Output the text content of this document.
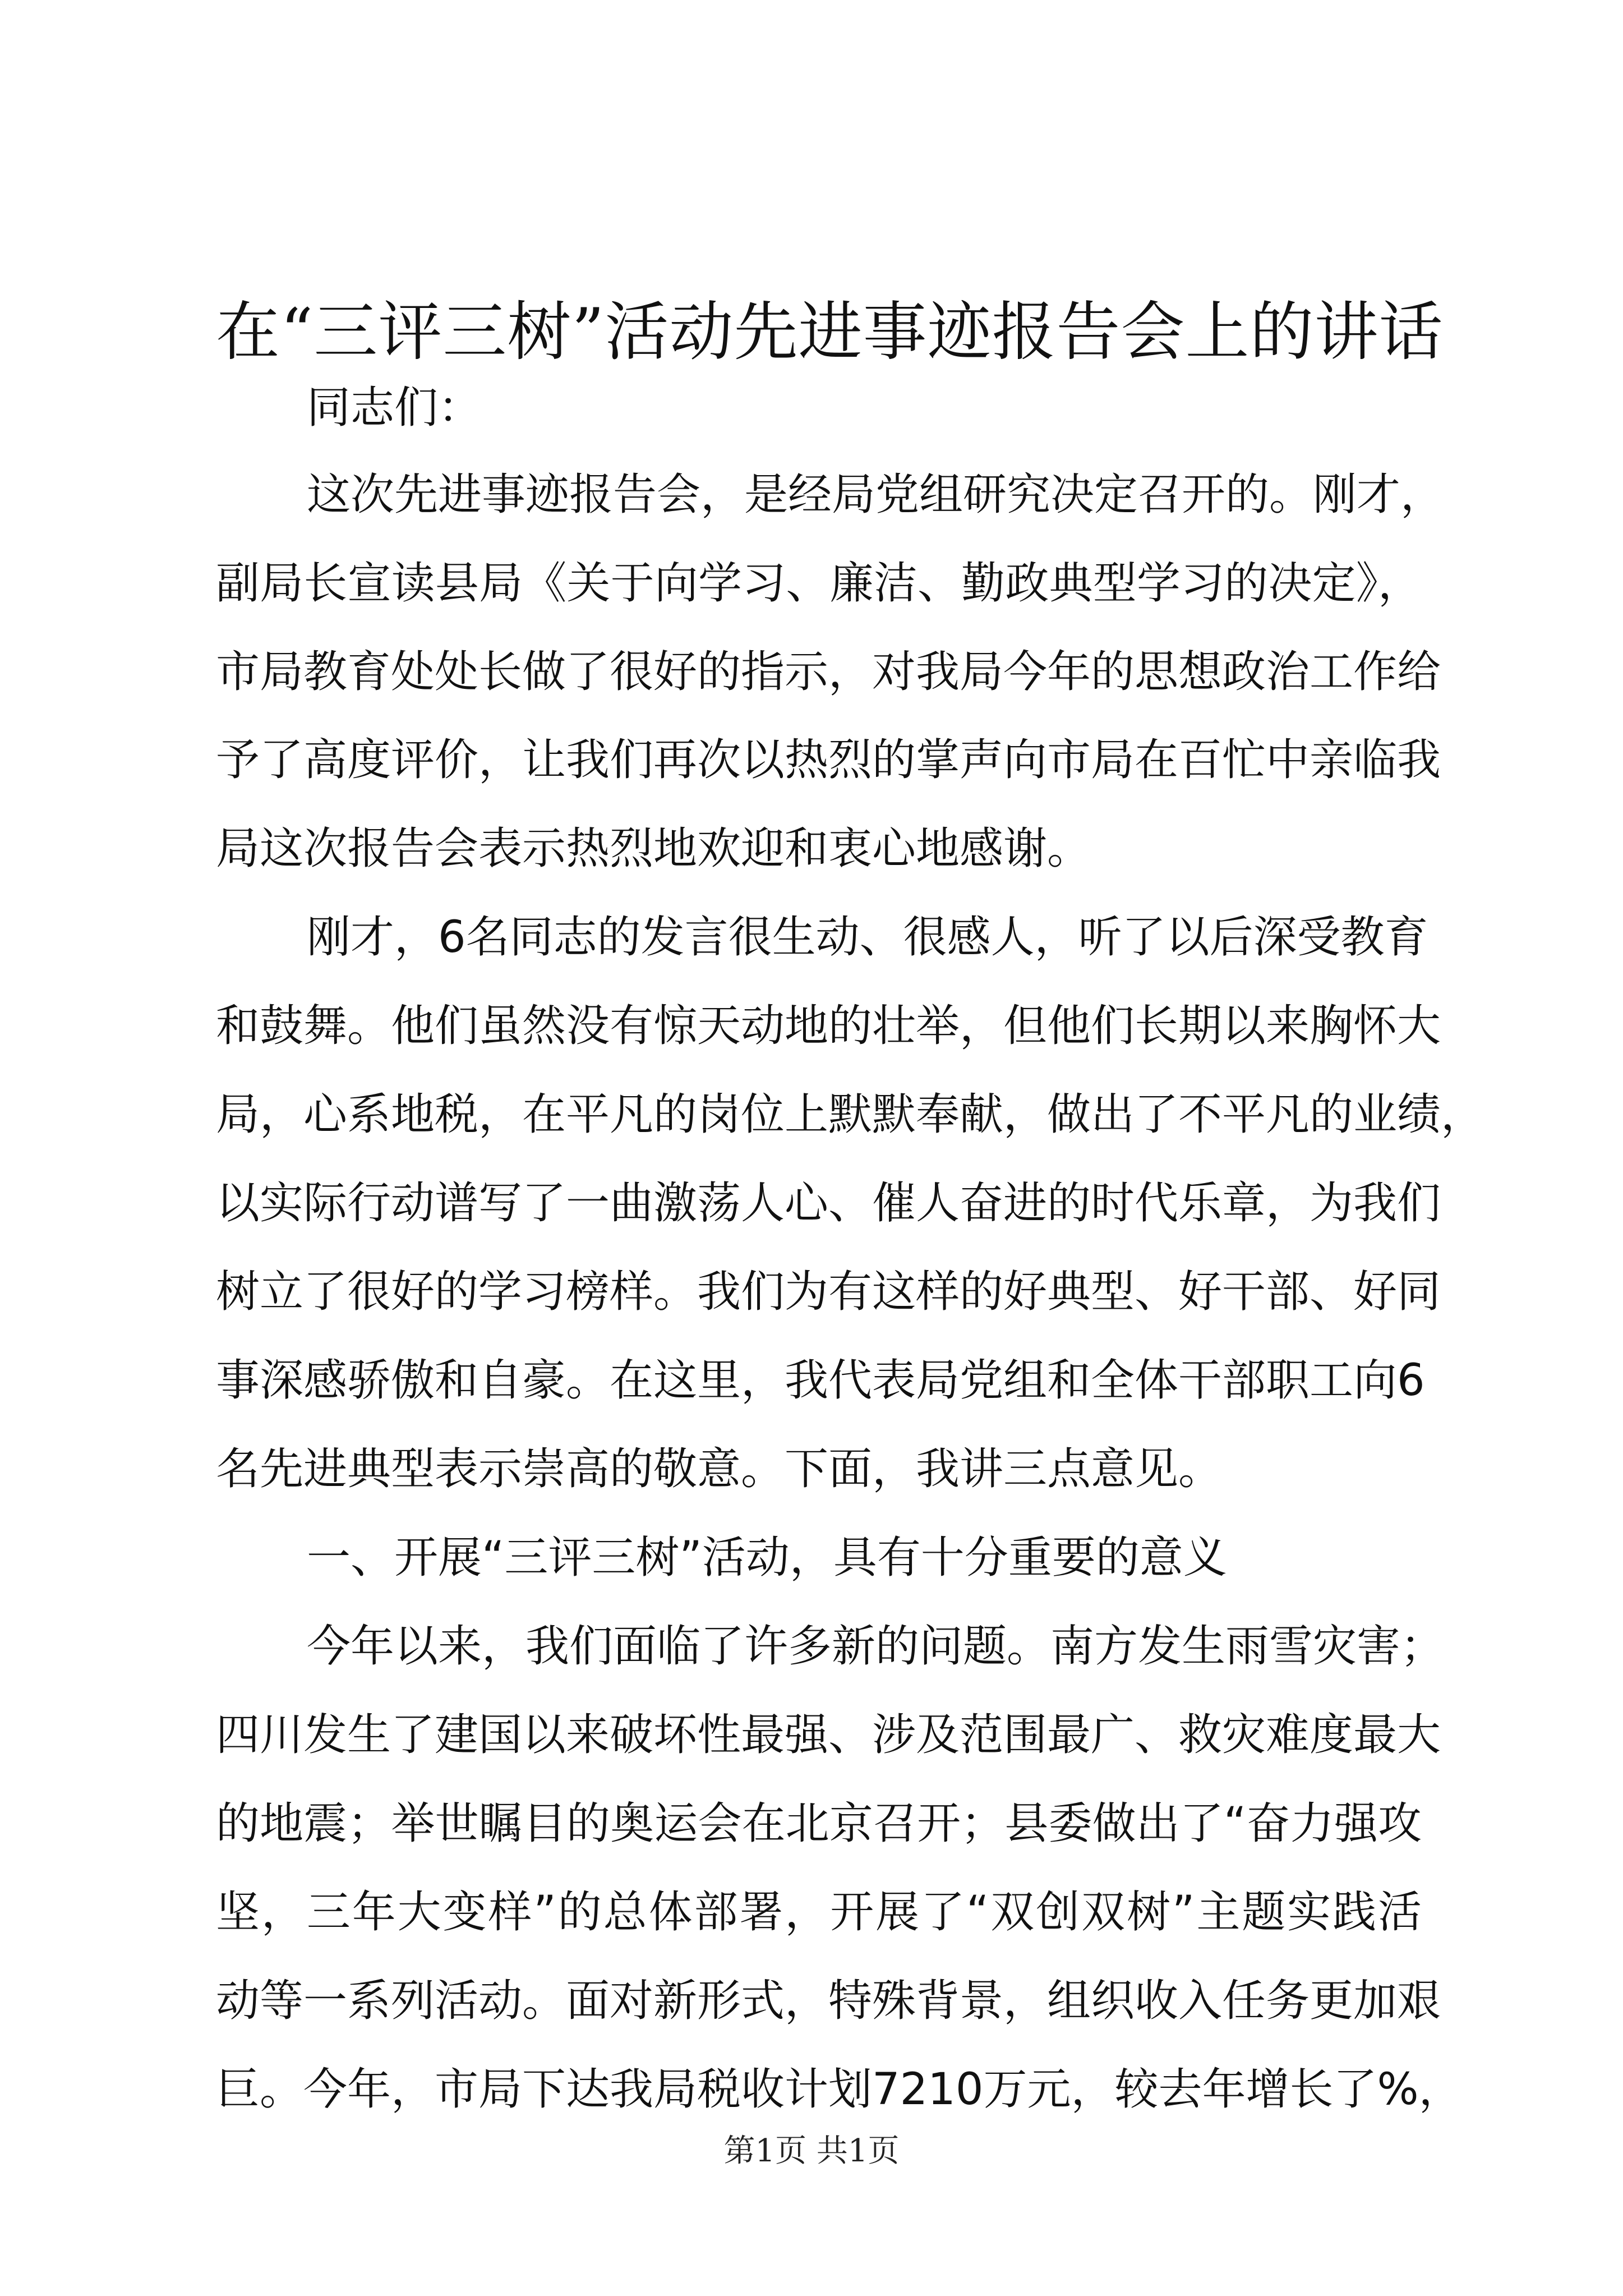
在“三评三树”活动先进事迹报告会上的讲话
同志们：
这次先进事迹报告会，是经局党组研究决定召开的。刚才，
副局长宣读县局《关于向学习、廉洁、勤政典型学习的决定》，
市局教育处处长做了很好的指示，对我局今年的思想政治工作给
予了高度评价，让我们再次以热烈的掌声向市局在百忙中亲临我
局这次报告会表示热烈地欢迎和衷心地感谢。
刚才，6名同志的发言很生动、很感人，听了以后深受教育
和鼓舞。他们虽然没有惊天动地的壮举，但他们长期以来胸怀大
局，心系地税，在平凡的岗位上默默奉献，做出了不平凡的业绩，
以实际行动谱写了一曲激荡人心、催人奋进的时代乐章，为我们
树立了很好的学习榜样。我们为有这样的好典型、好干部、好同
事深感骄傲和自豪。在这里，我代表局党组和全体干部职工向6
名先进典型表示崇高的敬意。下面，我讲三点意见。
一、开展“三评三树”活动，具有十分重要的意义
今年以来，我们面临了许多新的问题。南方发生雨雪灾害；
四川发生了建国以来破坏性最强、涉及范围最广、救灾难度最大
的地震；举世瞩目的奥运会在北京召开；县委做出了“奋力强攻
坚，三年大变样”的总体部署，开展了“双创双树”主题实践活
动等一系列活动。面对新形式，特殊背景，组织收入任务更加艰
巨。今年，市局下达我局税收计划7210万元，较去年增长了%，
第1页 共1页
